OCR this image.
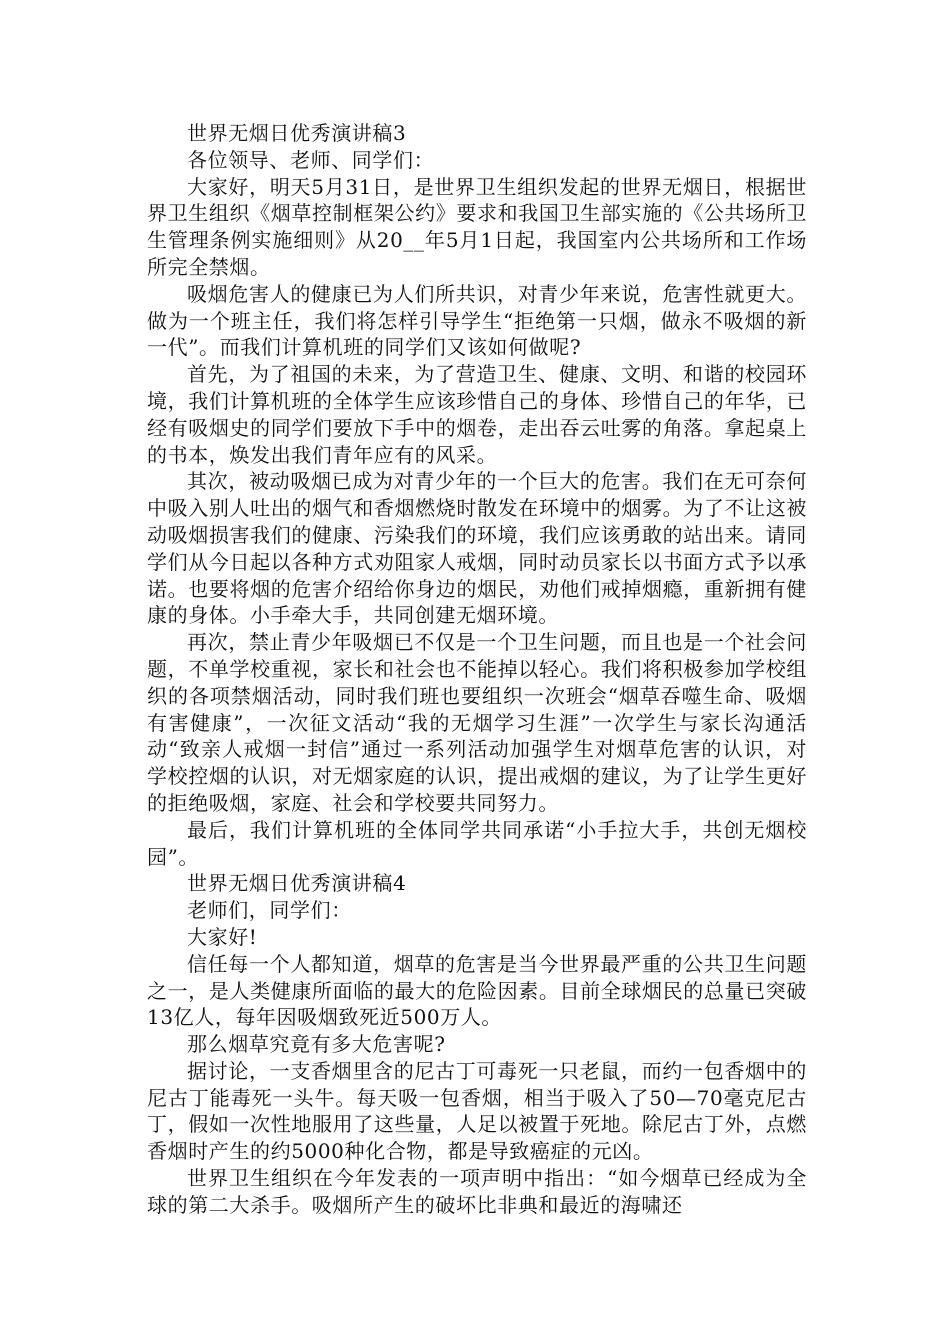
世界无烟日优秀演讲稿3

各位领导、老师、同学们：

大家好，明天5月31日，是世界卫生组织发起的世界无烟日，根据世界卫生组织《烟草控制框架公约》要求和我国卫生部实施的《公共场所卫生管理条例实施细则》从20__年5月1日起，我国室内公共场所和工作场所完全禁烟。

吸烟危害人的健康已为人们所共识，对青少年来说，危害性就更大。做为一个班主任，我们将怎样引导学生“拒绝第一只烟，做永不吸烟的新一代”。而我们计算机班的同学们又该如何做呢?

首先，为了祖国的未来，为了营造卫生、健康、文明、和谐的校园环境，我们计算机班的全体学生应该珍惜自己的身体、珍惜自己的年华，已经有吸烟史的同学们要放下手中的烟卷，走出吞云吐雾的角落。拿起桌上的书本，焕发出我们青年应有的风采。

其次，被动吸烟已成为对青少年的一个巨大的危害。我们在无可奈何中吸入别人吐出的烟气和香烟燃烧时散发在环境中的烟雾。为了不让这被动吸烟损害我们的健康、污染我们的环境，我们应该勇敢的站出来。请同学们从今日起以各种方式劝阻家人戒烟，同时动员家长以书面方式予以承诺。也要将烟的危害介绍给你身边的烟民，劝他们戒掉烟瘾，重新拥有健康的身体。小手牵大手，共同创建无烟环境。

再次，禁止青少年吸烟已不仅是一个卫生问题，而且也是一个社会问题，不单学校重视，家长和社会也不能掉以轻心。我们将积极参加学校组织的各项禁烟活动，同时我们班也要组织一次班会“烟草吞噬生命、吸烟有害健康”，一次征文活动“我的无烟学习生涯”一次学生与家长沟通活动“致亲人戒烟一封信”通过一系列活动加强学生对烟草危害的认识，对学校控烟的认识，对无烟家庭的认识，提出戒烟的建议，为了让学生更好的拒绝吸烟，家庭、社会和学校要共同努力。

最后，我们计算机班的全体同学共同承诺“小手拉大手，共创无烟校园”。

世界无烟日优秀演讲稿4

老师们，同学们：

大家好!

信任每一个人都知道，烟草的危害是当今世界最严重的公共卫生问题之一，是人类健康所面临的最大的危险因素。目前全球烟民的总量已突破13亿人，每年因吸烟致死近500万人。

那么烟草究竟有多大危害呢?

据讨论，一支香烟里含的尼古丁可毒死一只老鼠，而约一包香烟中的尼古丁能毒死一头牛。每天吸一包香烟，相当于吸入了50—70毫克尼古丁，假如一次性地服用了这些量，人足以被置于死地。除尼古丁外，点燃香烟时产生的约5000种化合物，都是导致癌症的元凶。

世界卫生组织在今年发表的一项声明中指出：“如今烟草已经成为全球的第二大杀手。吸烟所产生的破坏比非典和最近的海啸还
